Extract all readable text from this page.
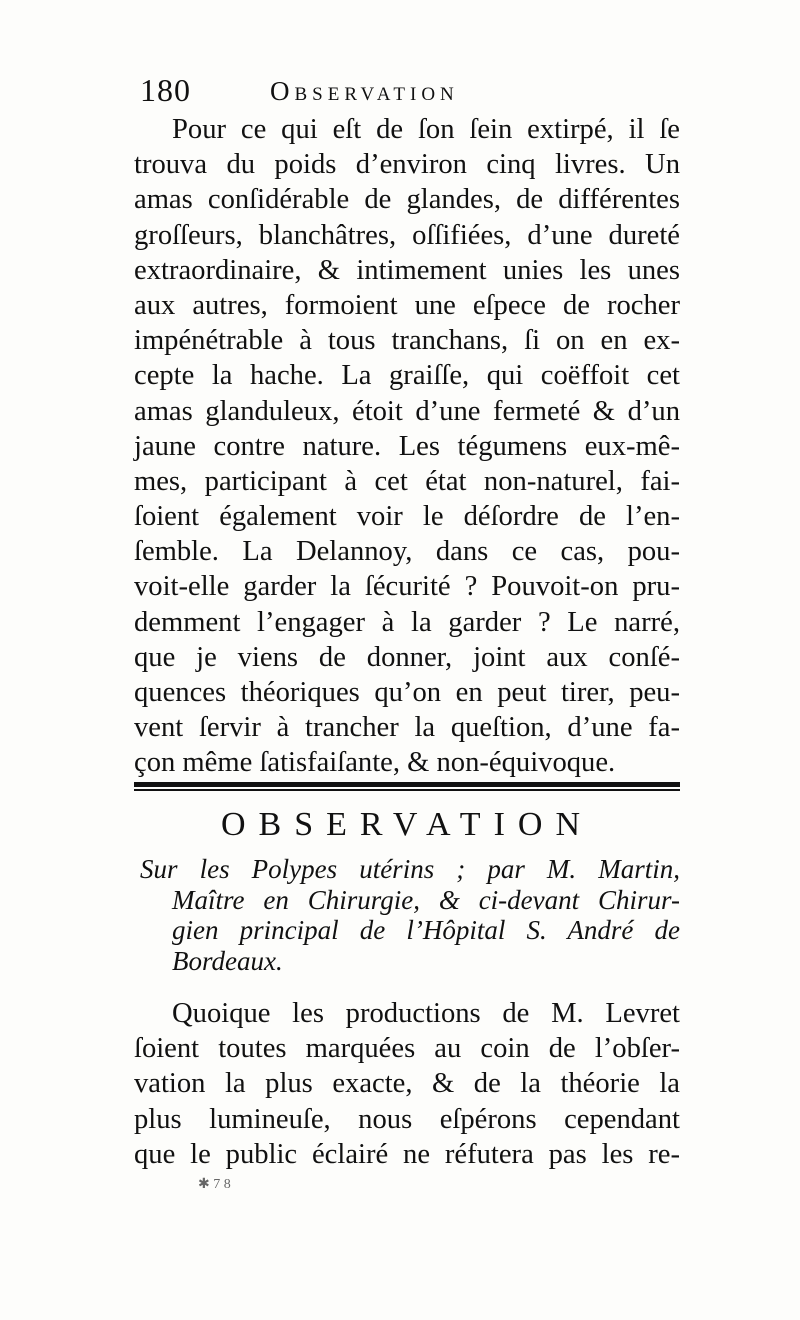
180	Observation
Pour ce qui eſt de ſon ſein extirpé, il ſe
trouva du poids d’environ cinq livres. Un
amas conſidérable de glandes, de différentes
groſſeurs, blanchâtres, oſſifiées, d’une dureté
extraordinaire, & intimement unies les unes
aux autres, formoient une eſpece de rocher
impénétrable à tous tranchans, ſi on en ex-
cepte la hache. La graiſſe, qui coëffoit cet
amas glanduleux, étoit d’une fermeté & d’un
jaune contre nature. Les tégumens eux-mê-
mes, participant à cet état non-naturel, fai-
ſoient également voir le déſordre de l’en-
ſemble. La Delannoy, dans ce cas, pou-
voit-elle garder la ſécurité ? Pouvoit-on pru-
demment l’engager à la garder ? Le narré,
que je viens de donner, joint aux conſé-
quences théoriques qu’on en peut tirer, peu-
vent ſervir à trancher la queſtion, d’une fa-
çon même ſatisfaiſante, & non-équivoque.
OBSERVATION
Sur les Polypes utérins ; par M. Martin,
Maître en Chirurgie, & ci-devant Chirur-
gien principal de l’Hôpital S. André de
Bordeaux.
Quoique les productions de M. Levret
ſoient toutes marquées au coin de l’obſer-
vation la plus exacte, & de la théorie la
plus lumineuſe, nous eſpérons cependant
que le public éclairé ne réfutera pas les re-
✱ 7 8
